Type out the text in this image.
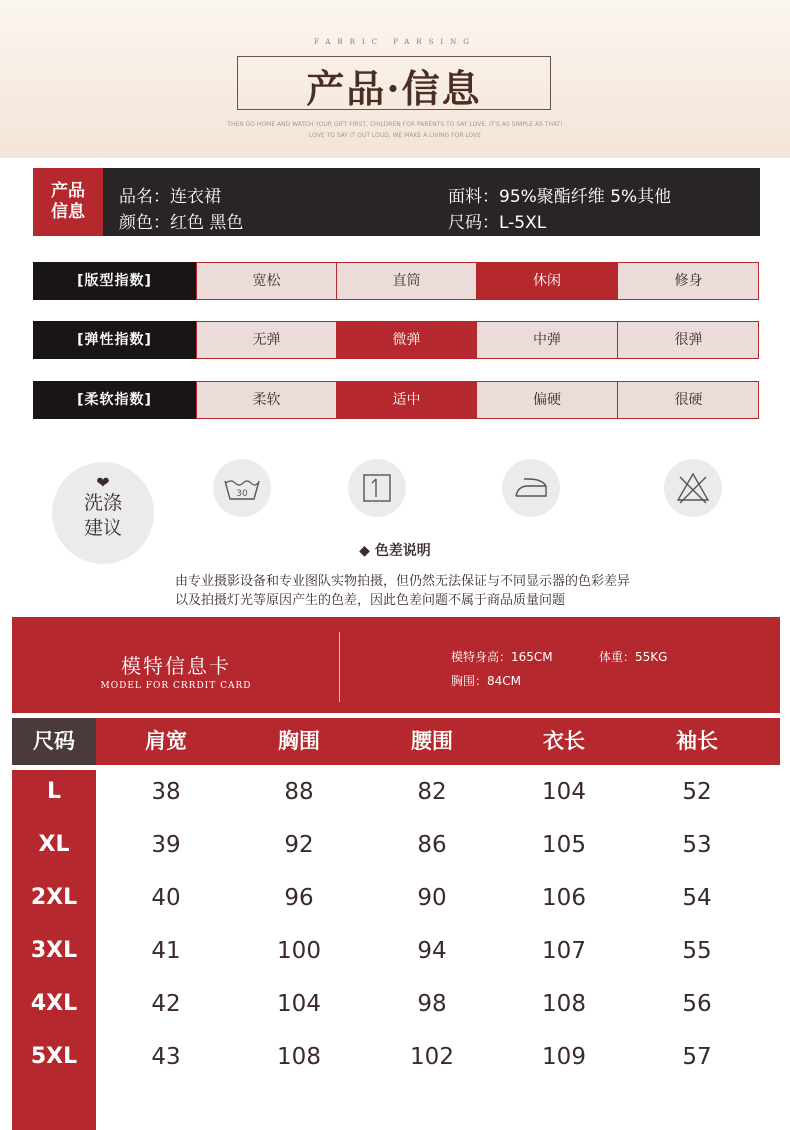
FABRIC PARSING
产品·信息
THEN GO HOME AND WATCH YOUR GIFT FIRST, CHILDREN FOR PARENTS TO SAY LOVE, IT'S AS SIMPLE AS THAT!
LOVE TO SAY IT OUT LOUD, WE MAKE A LIVING FOR LOVE
产品
信息
品名：连衣裙
颜色：红色 黑色
面料：95%聚酯纤维 5%其他
尺码：L-5XL
[版型指数]	宽松	直筒	休闲	修身
[弹性指数]	无弹	微弹	中弹	很弹
[柔软指数]	柔软	适中	偏硬	很硬
❤
洗涤
建议
30
◆ 色差说明
由专业摄影设备和专业图队实物拍摄，但仍然无法保证与不同显示器的色彩差异
以及拍摄灯光等原因产生的色差，因此色差问题不属于商品质量问题
模特信息卡
MODEL FOR CRRDIT CARD
模特身高：165CM	体重：55KG
胸围：84CM
尺码	肩宽	胸围	腰围	衣长	袖长
L	38	88	82	104	52
XL	39	92	86	105	53
2XL	40	96	90	106	54
3XL	41	100	94	107	55
4XL	42	104	98	108	56
5XL	43	108	102	109	57
